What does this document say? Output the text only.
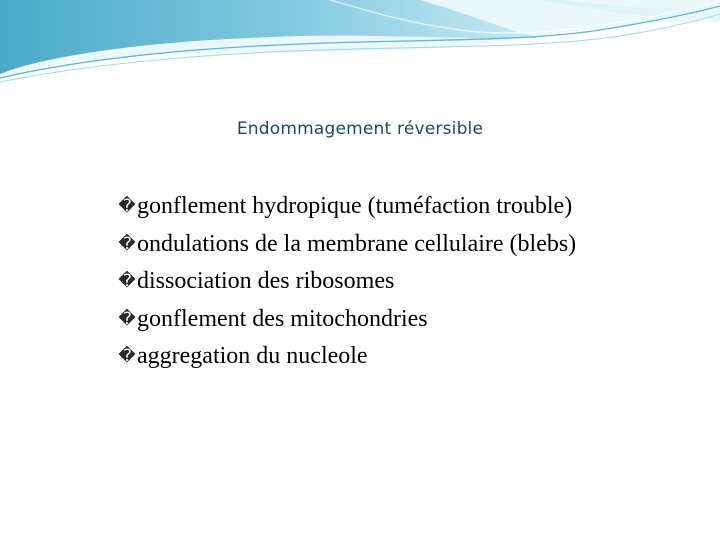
Endommagement réversible
� gonflement hydropique (tuméfaction trouble)
� ondulations de la membrane cellulaire (blebs)
� dissociation des ribosomes
� gonflement des mitochondries
� aggregation du nucleole
